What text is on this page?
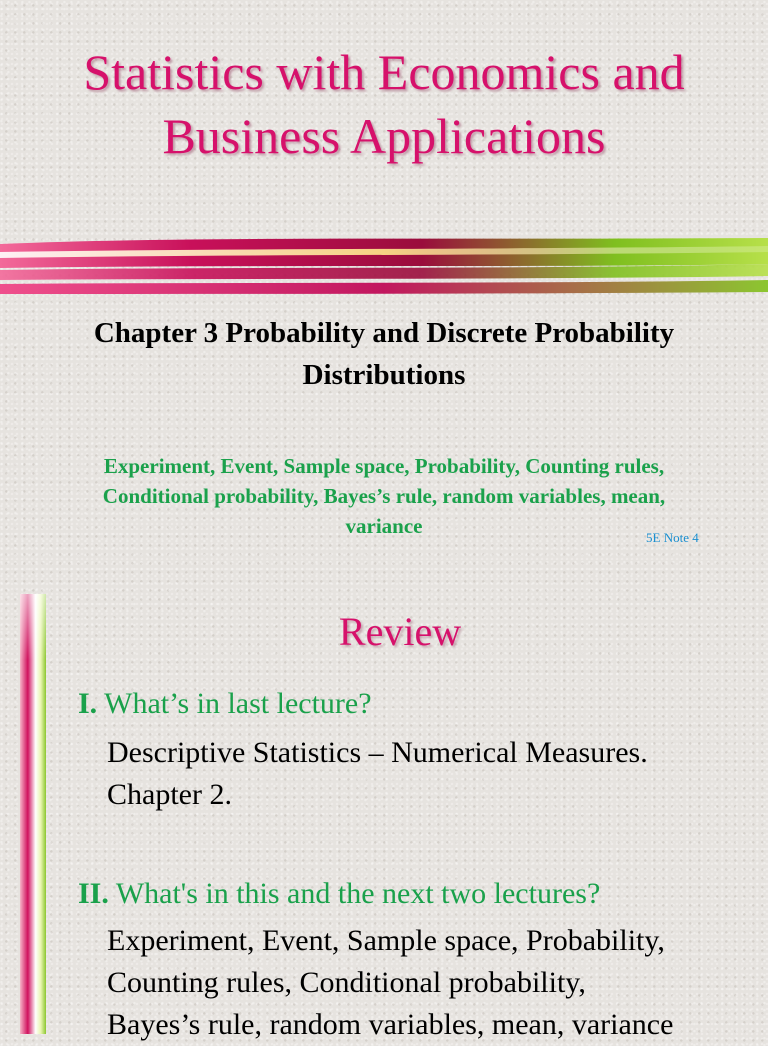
Statistics with Economics and
Business Applications
Chapter 3 Probability and Discrete Probability
Distributions

Experiment, Event, Sample space, Probability, Counting rules,
Conditional probability, Bayes’s rule, random variables, mean,
variance	5E Note 4
Review
I. What’s in last lecture?

Descriptive Statistics – Numerical Measures.
Chapter 2.

II. What's in this and the next two lectures?

Experiment, Event, Sample space, Probability,
Counting rules, Conditional probability,
Bayes’s rule, random variables, mean, variance
